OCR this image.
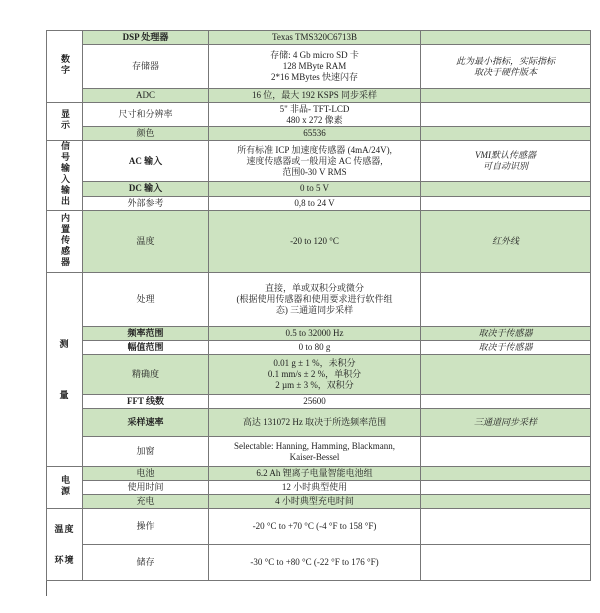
数字	DSP 处理器	Texas TMS320C6713B	
	存储器	存储: 4 Gb micro SD 卡
128 MByte RAM
2*16 MBytes 快速闪存	此为最小指标，实际指标
取决于硬件版本

	ADC	16 位，最大 192 KSPS 同步采样	
显示	尺寸和分辨率	5" 非晶- TFT-LCD
480 x 272 像素	

	颜色	65536	
信号输入输出	AC 输入	所有标准 ICP 加速度传感器 (4mA/24V),
速度传感器或一般用途 AC 传感器,
范围0-30 V RMS	VMI默认传感器
可自动识别

	DC 输入	0 to 5 V	
	外部参考	0,8 to 24 V	
内置传感器	温度	-20 to 120 °C	红外线

测
量	处理	直接，单或双积分或微分
(根据使用传感器和使用要求进行软件组
态) 三通道同步采样	

	频率范围	0.5 to 32000 Hz	取决于传感器
	幅值范围	0 to 80 g	取决于传感器
	精确度	0.01 g ± 1 %，未积分
0.1 mm/s ± 2 %，单积分
2 µm ± 3 %，双积分	

	FFT 线数	25600	
	采样速率	高达 131072 Hz 取决于所选频率范围	三通道同步采样
	加窗	Selectable: Hanning, Hamming, Blackmann,
Kaiser-Bessel	

电源	电池	6.2 Ah 锂离子电量智能电池组	
	使用时间	12 小时典型使用	
	充电	4 小时典型充电时间	

温度
环境	操作	-20 °C to +70 °C (-4 °F to 158 °F)	
	储存	-30 °C to +80 °C (-22 °F to 176 °F)	
